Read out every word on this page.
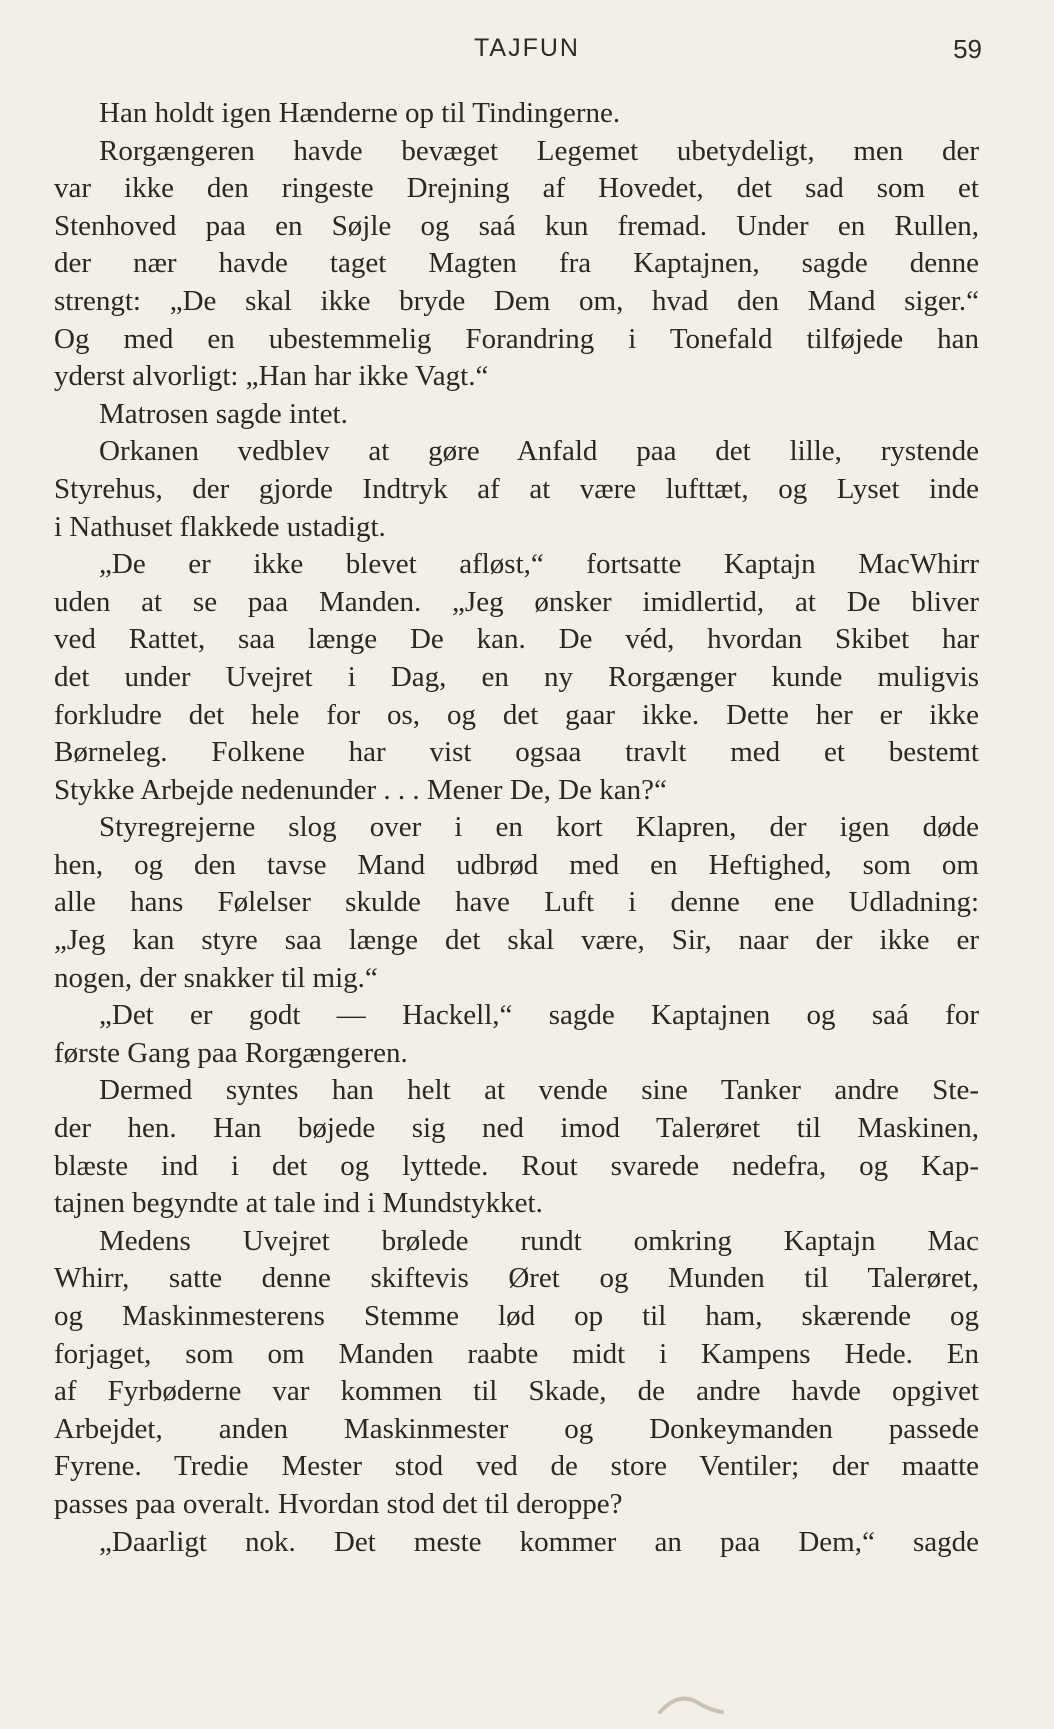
TAJFUN	59
Han holdt igen Hænderne op til Tindingerne.
Rorgængeren havde bevæget Legemet ubetydeligt, men der
var ikke den ringeste Drejning af Hovedet, det sad som et
Stenhoved paa en Søjle og saá kun fremad. Under en Rullen,
der nær havde taget Magten fra Kaptajnen, sagde denne
strengt: „De skal ikke bryde Dem om, hvad den Mand siger.“
Og med en ubestemmelig Forandring i Tonefald tilføjede han
yderst alvorligt: „Han har ikke Vagt.“
Matrosen sagde intet.
Orkanen vedblev at gøre Anfald paa det lille, rystende
Styrehus, der gjorde Indtryk af at være lufttæt, og Lyset inde
i Nathuset flakkede ustadigt.
„De er ikke blevet afløst,“ fortsatte Kaptajn MacWhirr
uden at se paa Manden. „Jeg ønsker imidlertid, at De bliver
ved Rattet, saa længe De kan. De véd, hvordan Skibet har
det under Uvejret i Dag, en ny Rorgænger kunde muligvis
forkludre det hele for os, og det gaar ikke. Dette her er ikke
Børneleg. Folkene har vist ogsaa travlt med et bestemt
Stykke Arbejde nedenunder . . . Mener De, De kan?“
Styregrejerne slog over i en kort Klapren, der igen døde
hen, og den tavse Mand udbrød med en Heftighed, som om
alle hans Følelser skulde have Luft i denne ene Udladning:
„Jeg kan styre saa længe det skal være, Sir, naar der ikke er
nogen, der snakker til mig.“
„Det er godt — Hackell,“ sagde Kaptajnen og saá for
første Gang paa Rorgængeren.
Dermed syntes han helt at vende sine Tanker andre Ste-
der hen. Han bøjede sig ned imod Talerøret til Maskinen,
blæste ind i det og lyttede. Rout svarede nedefra, og Kap-
tajnen begyndte at tale ind i Mundstykket.
Medens Uvejret brølede rundt omkring Kaptajn Mac
Whirr, satte denne skiftevis Øret og Munden til Talerøret,
og Maskinmesterens Stemme lød op til ham, skærende og
forjaget, som om Manden raabte midt i Kampens Hede. En
af Fyrbøderne var kommen til Skade, de andre havde opgivet
Arbejdet, anden Maskinmester og Donkeymanden passede
Fyrene. Tredie Mester stod ved de store Ventiler; der maatte
passes paa overalt. Hvordan stod det til deroppe?
„Daarligt nok. Det meste kommer an paa Dem,“ sagde
